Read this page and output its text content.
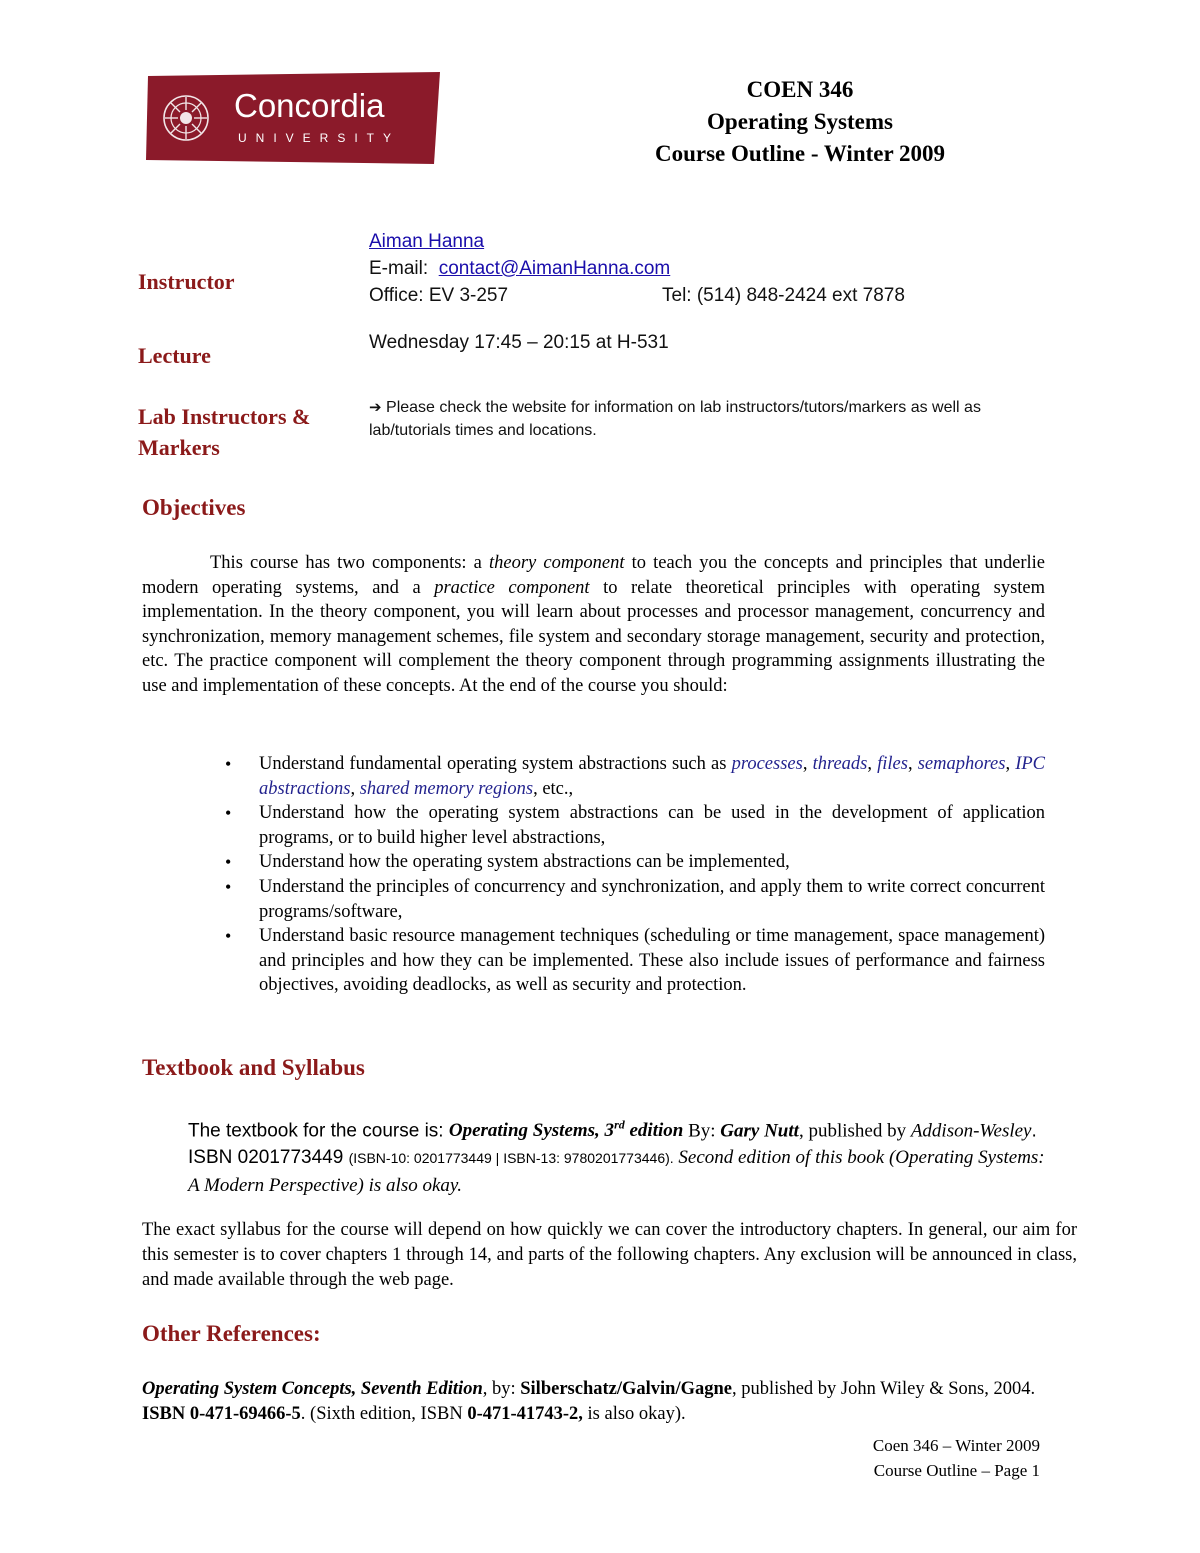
Concordia
UNIVERSITY
COEN 346
Operating Systems
Course Outline - Winter 2009
Instructor
Aiman Hanna
E-mail: contact@AimanHanna.com
Office: EV 3-257	Tel: (514) 848-2424 ext 7878
Lecture
Wednesday 17:45 – 20:15 at H-531
Lab Instructors &
Markers
➔ Please check the website for information on lab instructors/tutors/markers as well as lab/tutorials times and locations.
Objectives
This course has two components: a theory component to teach you the concepts and principles that underlie modern operating systems, and a practice component to relate theoretical principles with operating system implementation. In the theory component, you will learn about processes and processor management, concurrency and synchronization, memory management schemes, file system and secondary storage management, security and protection, etc. The practice component will complement the theory component through programming assignments illustrating the use and implementation of these concepts. At the end of the course you should:
• Understand fundamental operating system abstractions such as processes, threads, files, semaphores, IPC abstractions, shared memory regions, etc.,
• Understand how the operating system abstractions can be used in the development of application programs, or to build higher level abstractions,
• Understand how the operating system abstractions can be implemented,
• Understand the principles of concurrency and synchronization, and apply them to write correct concurrent programs/software,
• Understand basic resource management techniques (scheduling or time management, space management) and principles and how they can be implemented. These also include issues of performance and fairness objectives, avoiding deadlocks, as well as security and protection.
Textbook and Syllabus
The textbook for the course is: Operating Systems, 3rd edition By: Gary Nutt, published by Addison-Wesley. ISBN 0201773449 (ISBN-10: 0201773449 | ISBN-13: 9780201773446). Second edition of this book (Operating Systems: A Modern Perspective) is also okay.
The exact syllabus for the course will depend on how quickly we can cover the introductory chapters. In general, our aim for this semester is to cover chapters 1 through 14, and parts of the following chapters. Any exclusion will be announced in class, and made available through the web page.
Other References:
Operating System Concepts, Seventh Edition, by: Silberschatz/Galvin/Gagne, published by John Wiley & Sons, 2004. ISBN 0-471-69466-5. (Sixth edition, ISBN 0-471-41743-2, is also okay).
Coen 346 – Winter 2009
Course Outline – Page 1
